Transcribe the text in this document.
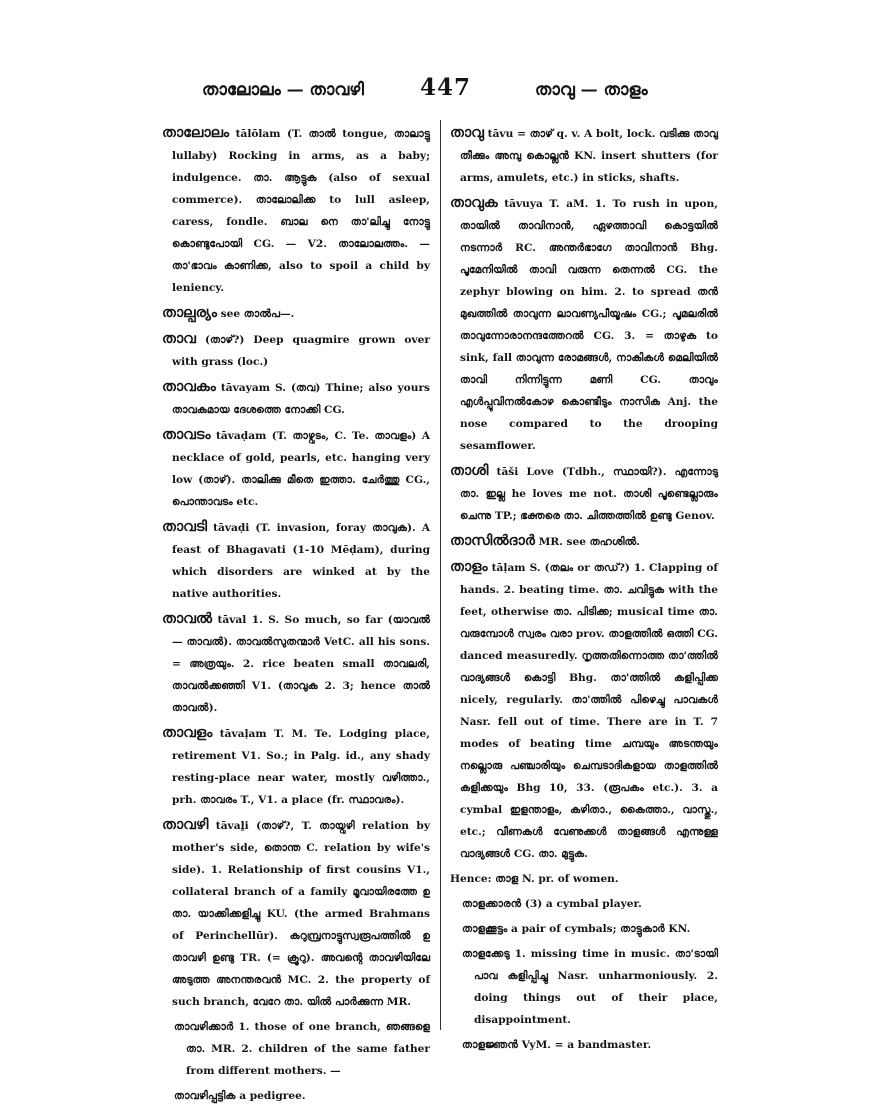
താലോലം — താവഴി 447	താവു — താളം
താലോലം tālōlam (T. താൽ tongue, താലാട്ടു lullaby) Rocking in arms, as a baby; indulgence. താ. ആട്ടുക (also of sexual commerce). താലോലിക്ക to lull asleep, caress, fondle. ബാല നെ താ'ലിച്ചു നോട്ടു കൊണ്ടുപോയി CG. — V2. താലോലത്തം. — താ'ഭാവം കാണിക്ക, also to spoil a child by leniency.
താല്പര്യം see താൽപ—.
താവ (താഴ്?) Deep quagmire grown over with grass (loc.)
താവകം tāvayam S. (തവ) Thine; also yours താവകമായ ദേശത്തെ നോക്കി CG.
താവടം tāvaḍam (T. താഴ്വടം, C. Te. താവളം) A necklace of gold, pearls, etc. hanging very low (താഴ്). താലിക്കു മീതെ ഇത്താ. ചേർത്തു CG., പൊന്താവടം etc.
താവടി tāvaḍi (T. invasion, foray താവുക). A feast of Bhagavati (1-10 Mēḍam), during which disorders are winked at by the native authorities.
താവൽ tāval 1. S. So much, so far (യാവൽ — താവൽ). താവൽസുതന്മാർ VetC. all his sons. = അത്രയും. 2. rice beaten small താവലരി, താവൽക്കഞ്ഞി V1. (താവുക 2. 3; hence താൽ താവൽ).
താവളം tāvaḷam T. M. Te. Lodging place, retirement V1. So.; in Palg. id., any shady resting-place near water, mostly വഴിത്താ., prh. താവരം T., V1. a place (fr. സ്ഥാവരം).
താവഴി tāvaḻi (താഴ്?, T. തായ്വഴി relation by mother's side, തൊന്ത C. relation by wife's side). 1. Relationship of first cousins V1., collateral branch of a family മൂവായിരത്തേ ഉ താ. യാക്കിക്കളിച്ചു KU. (the armed Brahmans of Perinchellūr). കറുമ്പ്രനാട്ടുസ്വരൂപത്തിൽ ഉ താവഴി ഉണ്ടു TR. (= ക്രൂറു). അവന്റെ താവഴിയിലേ അടുത്ത അനന്തരവൻ MC. 2. the property of such branch, വേറേ താ. യിൽ പാർക്കുന്ന MR.
താവഴിക്കാർ 1. those of one branch, ഞങ്ങളെ താ. MR. 2. children of the same father from different mothers. —
താവഴിപ്പട്ടിക a pedigree.
താവു tāvu = താഴ് q. v. A bolt, lock. വടിക്കു താവു തീക്കും അമ്പു കൊല്ലൻ KN. insert shutters (for arms, amulets, etc.) in sticks, shafts.
താവുക tāvuya T. aM. 1. To rush in upon, തായിൽ താവിനാൻ, ഏഴത്താവി കൊട്ടയിൽ നടന്നാർ RC. അന്തർഭാഗേ താവിനാൻ Bhg. പൂമേനിയിൽ താവി വരുന്ന തെന്നൽ CG. the zephyr blowing on him. 2. to spread തൻ മുഖത്തിൽ താവുന്ന ലാവണ്യപീയൂഷം CG.; പൂമലരിൽ താവുന്നോരാനന്ദത്തേറൽ CG. 3. = താഴുക to sink, fall താവുന്ന രോമങ്ങൾ, നാകികൾ മെലിയിൽ താവി നിന്നിട്ടുന്ന മണി CG. താവും എൾപ്പൂവിനൽകോഴ കൊണ്ടീടും നാസിക Anj. the nose compared to the drooping sesamflower.
താശി tāši Love (Tdbh., സ്ഥായി?). എന്നോടു താ. ഇല്ല he loves me not. താശി പൂണ്ടെല്ലാരും ചെന്നു TP.; ഭക്തരെ താ. ചിത്തത്തിൽ ഉണ്ടു Genov.
താസിൽദാർ MR. see തഹശിൽ.
താളം tāḷam S. (തലം or തഡ്?) 1. Clapping of hands. 2. beating time. താ. ചവിട്ടുക with the feet, otherwise താ. പിടിക്ക; musical time താ. വരുമ്പോൾ സ്വരം വരാ prov. താളത്തിൽ ഒത്തി CG. danced measuredly. നൃത്തതിന്നൊത്ത താ'ത്തിൽ വാദ്യങ്ങൾ കൊട്ടി Bhg. താ'ത്തിൽ കളിപ്പിക്ക nicely, regularly. താ'ത്തിൽ പിഴെച്ചു പാവകൾ Nasr. fell out of time. There are in T. 7 modes of beating time ചമ്പയും അടന്തയും നല്ലൊരു പഞ്ചാരിയും ചെമ്പടാദികളായ താളത്തിൽ കളിക്കയും Bhg 10, 33. (രൂപകം etc.). 3. a cymbal ഇളന്താളം, കഴിതാ., കൈത്താ., വാസ്തു., etc.; വീണകൾ വേണുക്കൾ താളങ്ങൾ എന്നുള്ള വാദ്യങ്ങൾ CG. താ. മുട്ടുക.
Hence: താള N. pr. of women.
താളക്കാരൻ (3) a cymbal player.
താളക്കൂട്ടം a pair of cymbals; താട്ടുകാർ KN.
താളക്കേടു 1. missing time in music. താ'ടായി പാവ കളിപ്പിച്ചു Nasr. unharmoniously. 2. doing things out of their place, disappointment.
താളജ്ഞൻ VyM. = a bandmaster.
